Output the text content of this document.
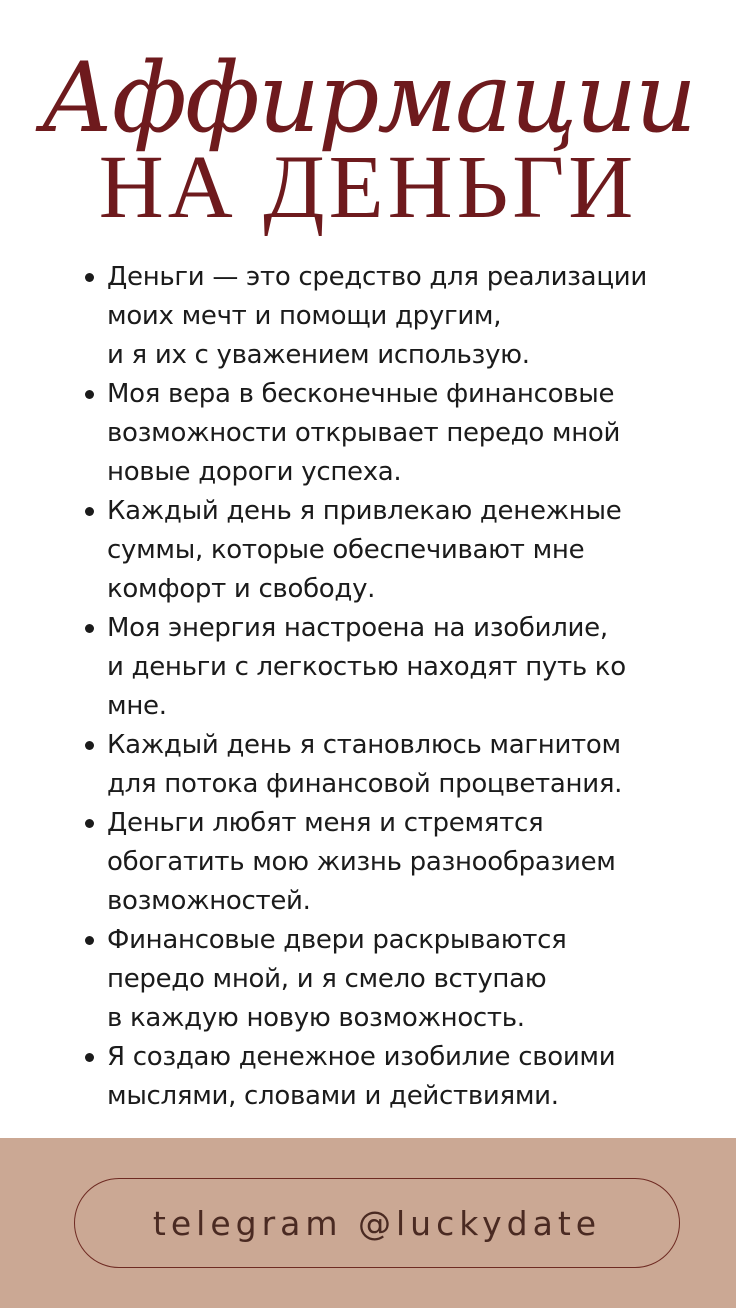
Аффирмации
НА ДЕНЬГИ
Деньги — это средство для реализации
моих мечт и помощи другим,
и я их с уважением использую.
Моя вера в бесконечные финансовые
возможности открывает передо мной
новые дороги успеха.
Каждый день я привлекаю денежные
суммы, которые обеспечивают мне
комфорт и свободу.
Моя энергия настроена на изобилие,
и деньги с легкостью находят путь ко
мне.
Каждый день я становлюсь магнитом
для потока финансовой процветания.
Деньги любят меня и стремятся
обогатить мою жизнь разнообразием
возможностей.
Финансовые двери раскрываются
передо мной, и я смело вступаю
в каждую новую возможность.
Я создаю денежное изобилие своими
мыслями, словами и действиями.
telegram @luckydate
